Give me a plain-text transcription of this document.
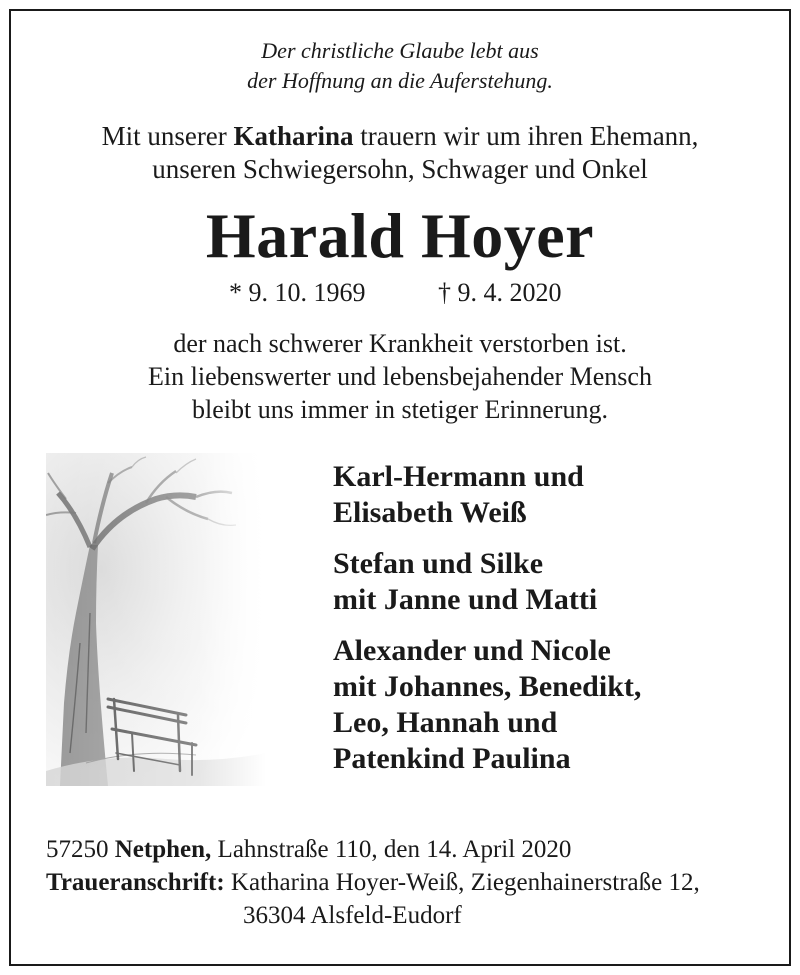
Der christliche Glaube lebt aus
der Hoffnung an die Auferstehung.
Mit unserer Katharina trauern wir um ihren Ehemann,
unseren Schwiegersohn, Schwager und Onkel
Harald Hoyer
* 9. 10. 1969	† 9. 4. 2020
der nach schwerer Krankheit verstorben ist.
Ein liebenswerter und lebensbejahender Mensch
bleibt uns immer in stetiger Erinnerung.
Karl-Hermann und
Elisabeth Weiß
Stefan und Silke
mit Janne und Matti
Alexander und Nicole
mit Johannes, Benedikt,
Leo, Hannah und
Patenkind Paulina
57250 Netphen, Lahnstraße 110, den 14. April 2020
Traueranschrift: Katharina Hoyer-Weiß, Ziegenhainerstraße 12,
36304 Alsfeld-Eudorf
